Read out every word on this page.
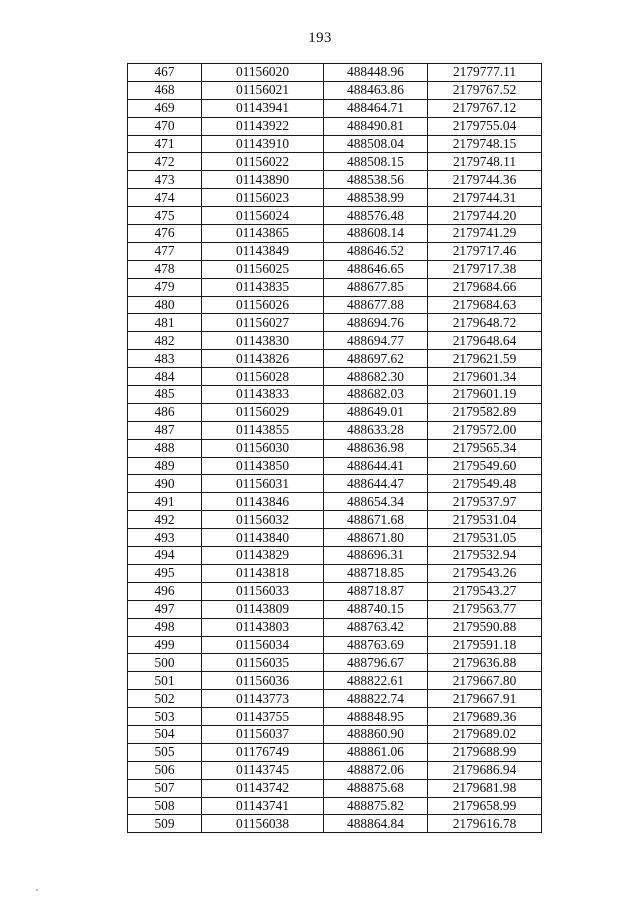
193
467	01156020	488448.96	2179777.11
468	01156021	488463.86	2179767.52
469	01143941	488464.71	2179767.12
470	01143922	488490.81	2179755.04
471	01143910	488508.04	2179748.15
472	01156022	488508.15	2179748.11
473	01143890	488538.56	2179744.36
474	01156023	488538.99	2179744.31
475	01156024	488576.48	2179744.20
476	01143865	488608.14	2179741.29
477	01143849	488646.52	2179717.46
478	01156025	488646.65	2179717.38
479	01143835	488677.85	2179684.66
480	01156026	488677.88	2179684.63
481	01156027	488694.76	2179648.72
482	01143830	488694.77	2179648.64
483	01143826	488697.62	2179621.59
484	01156028	488682.30	2179601.34
485	01143833	488682.03	2179601.19
486	01156029	488649.01	2179582.89
487	01143855	488633.28	2179572.00
488	01156030	488636.98	2179565.34
489	01143850	488644.41	2179549.60
490	01156031	488644.47	2179549.48
491	01143846	488654.34	2179537.97
492	01156032	488671.68	2179531.04
493	01143840	488671.80	2179531.05
494	01143829	488696.31	2179532.94
495	01143818	488718.85	2179543.26
496	01156033	488718.87	2179543.27
497	01143809	488740.15	2179563.77
498	01143803	488763.42	2179590.88
499	01156034	488763.69	2179591.18
500	01156035	488796.67	2179636.88
501	01156036	488822.61	2179667.80
502	01143773	488822.74	2179667.91
503	01143755	488848.95	2179689.36
504	01156037	488860.90	2179689.02
505	01176749	488861.06	2179688.99
506	01143745	488872.06	2179686.94
507	01143742	488875.68	2179681.98
508	01143741	488875.82	2179658.99
509	01156038	488864.84	2179616.78
